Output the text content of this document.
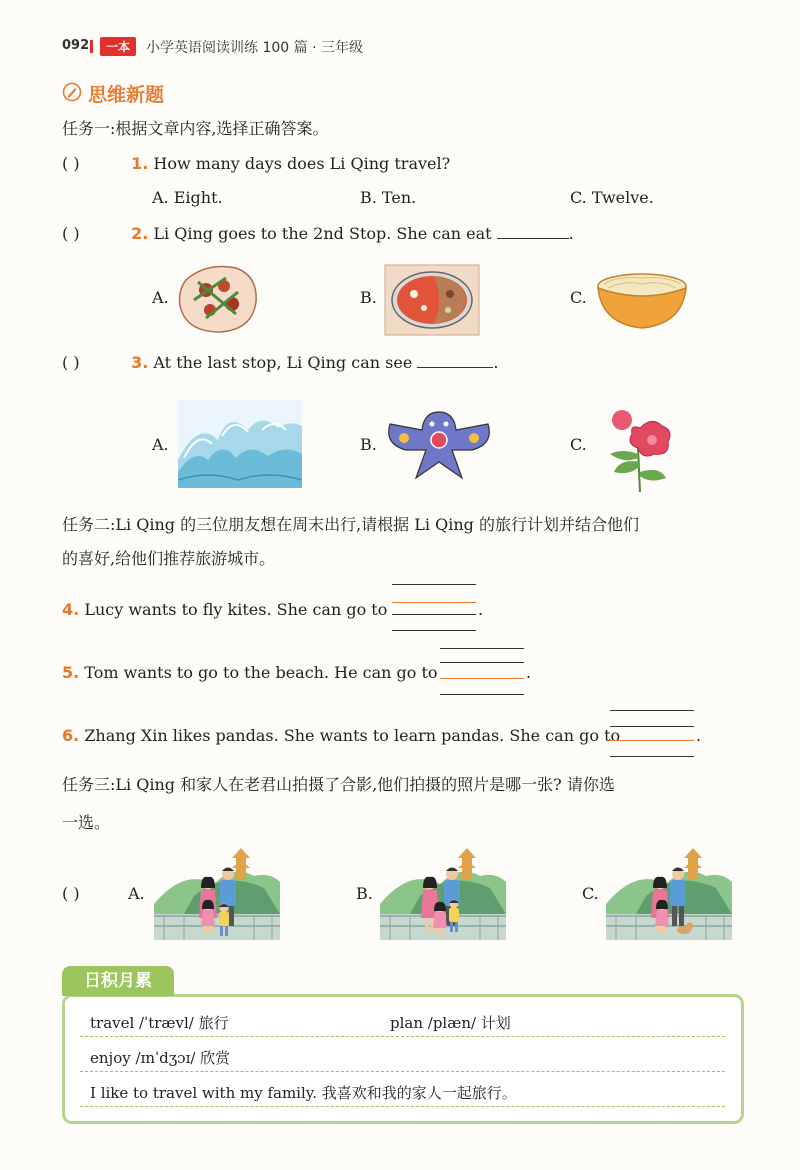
092	一本	小学英语阅读训练 100 篇 · 三年级
思维新题
任务一:根据文章内容,选择正确答案。
( )	1. How many days does Li Qing travel?
A. Eight.	B. Ten.	C. Twelve.
( )	2. Li Qing goes to the 2nd Stop. She can eat	.
A.	B.	C.
( )	3. At the last stop, Li Qing can see	.
A.	B.	C.
任务二:Li Qing 的三位朋友想在周末出行,请根据 Li Qing 的旅行计划并结合他们
的喜好,给他们推荐旅游城市。
4. Lucy wants to fly kites. She can go to	.
5. Tom wants to go to the beach. He can go to	.
6. Zhang Xin likes pandas. She wants to learn pandas. She can go to	.
任务三:Li Qing 和家人在老君山拍摄了合影,他们拍摄的照片是哪一张? 请你选
一选。
( )	A.	B.	C.
日积月累
travel /ˈtrævl/ 旅行	plan /plæn/ 计划
enjoy /ɪnˈdʒɔɪ/ 欣赏
I like to travel with my family. 我喜欢和我的家人一起旅行。
